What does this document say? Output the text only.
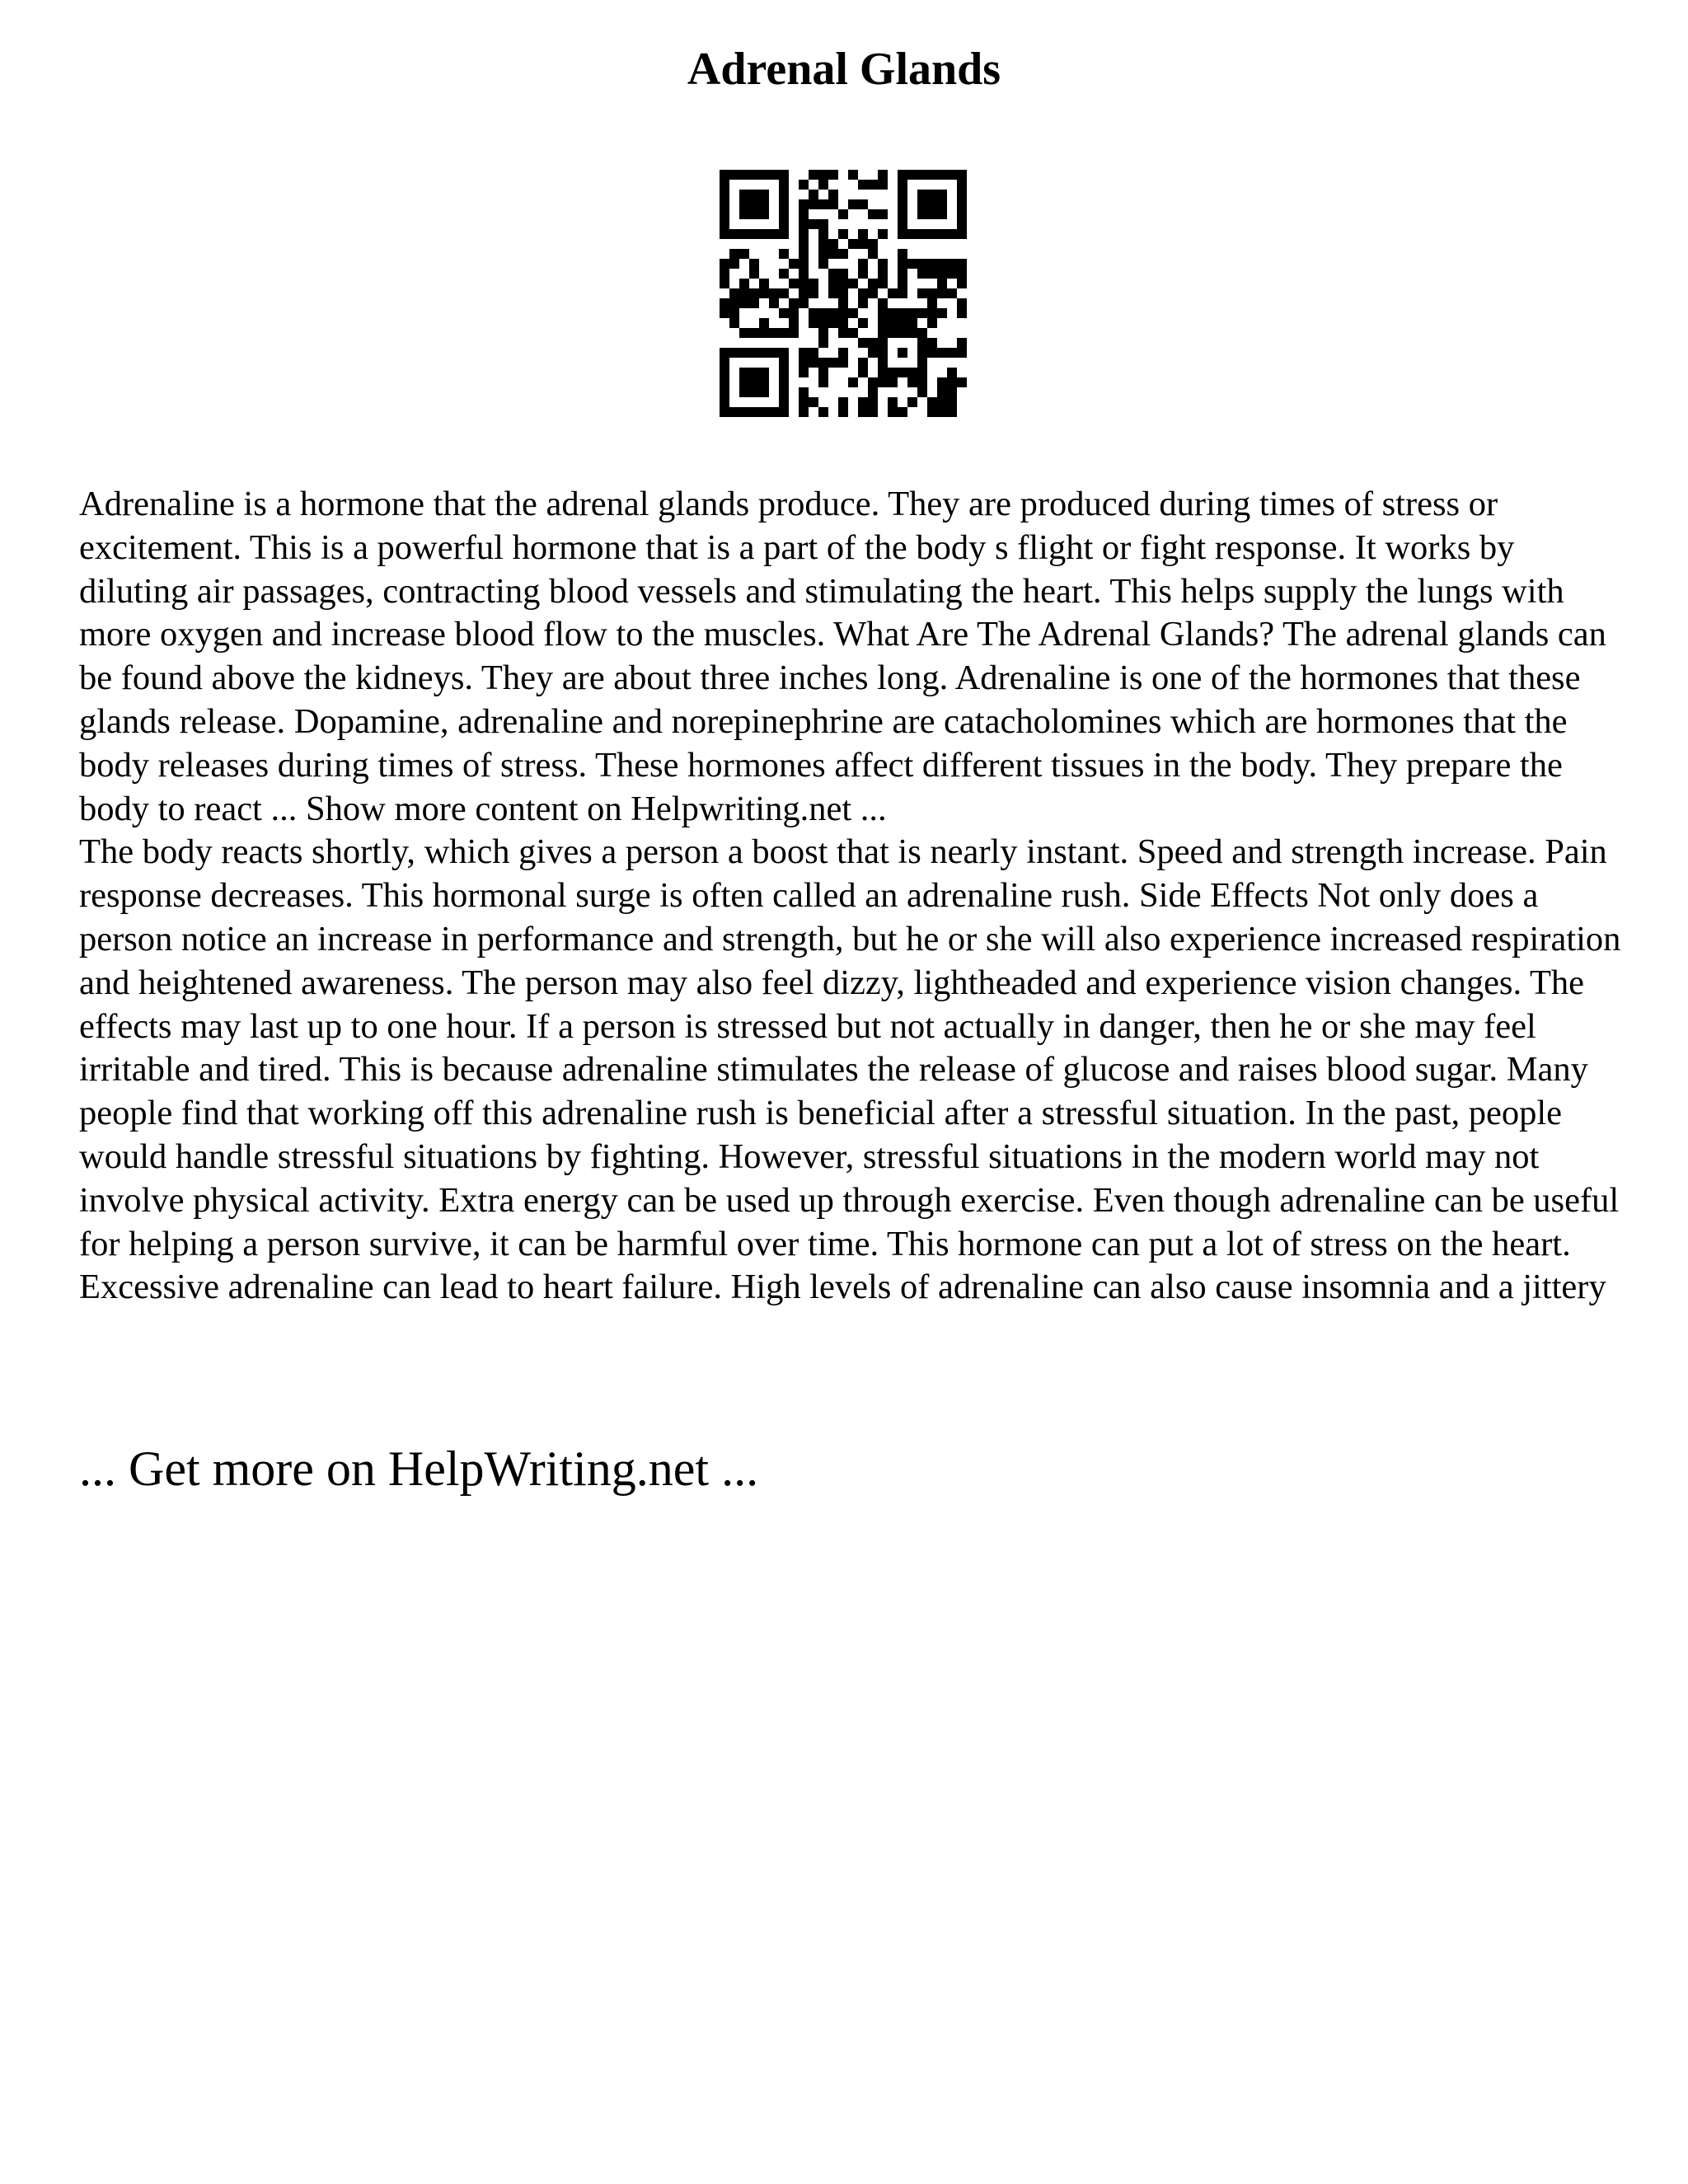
Adrenal Glands

Adrenaline is a hormone that the adrenal glands produce. They are produced during times of stress or excitement. This is a powerful hormone that is a part of the body s flight or fight response. It works by diluting air passages, contracting blood vessels and stimulating the heart. This helps supply the lungs with more oxygen and increase blood flow to the muscles. What Are The Adrenal Glands? The adrenal glands can be found above the kidneys. They are about three inches long. Adrenaline is one of the hormones that these glands release. Dopamine, adrenaline and norepinephrine are catacholomines which are hormones that the body releases during times of stress. These hormones affect different tissues in the body. They prepare the body to react ... Show more content on Helpwriting.net ...

The body reacts shortly, which gives a person a boost that is nearly instant. Speed and strength increase. Pain response decreases. This hormonal surge is often called an adrenaline rush. Side Effects Not only does a person notice an increase in performance and strength, but he or she will also experience increased respiration and heightened awareness. The person may also feel dizzy, lightheaded and experience vision changes. The effects may last up to one hour. If a person is stressed but not actually in danger, then he or she may feel irritable and tired. This is because adrenaline stimulates the release of glucose and raises blood sugar. Many people find that working off this adrenaline rush is beneficial after a stressful situation. In the past, people would handle stressful situations by fighting. However, stressful situations in the modern world may not involve physical activity. Extra energy can be used up through exercise. Even though adrenaline can be useful for helping a person survive, it can be harmful over time. This hormone can put a lot of stress on the heart. Excessive adrenaline can lead to heart failure. High levels of adrenaline can also cause insomnia and a jittery

... Get more on HelpWriting.net ...
